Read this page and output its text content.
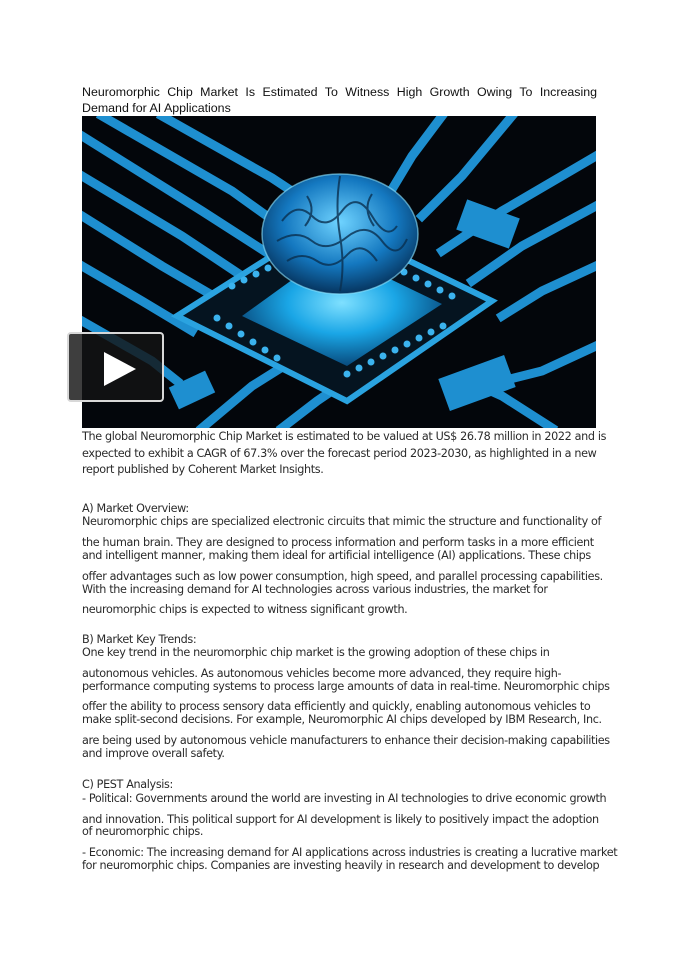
Neuromorphic Chip Market Is Estimated To Witness High Growth Owing To Increasing Demand for AI Applications
The global Neuromorphic Chip Market is estimated to be valued at US$ 26.78 million in 2022 and is
expected to exhibit a CAGR of 67.3% over the forecast period 2023-2030, as highlighted in a new
report published by Coherent Market Insights.
A) Market Overview:
Neuromorphic chips are specialized electronic circuits that mimic the structure and functionality of
the human brain. They are designed to process information and perform tasks in a more efficient
and intelligent manner, making them ideal for artificial intelligence (AI) applications. These chips
offer advantages such as low power consumption, high speed, and parallel processing capabilities.
With the increasing demand for AI technologies across various industries, the market for
neuromorphic chips is expected to witness significant growth.
B) Market Key Trends:
One key trend in the neuromorphic chip market is the growing adoption of these chips in
autonomous vehicles. As autonomous vehicles become more advanced, they require high-
performance computing systems to process large amounts of data in real-time. Neuromorphic chips
offer the ability to process sensory data efficiently and quickly, enabling autonomous vehicles to
make split-second decisions. For example, Neuromorphic AI chips developed by IBM Research, Inc.
are being used by autonomous vehicle manufacturers to enhance their decision-making capabilities
and improve overall safety.
C) PEST Analysis:
- Political: Governments around the world are investing in AI technologies to drive economic growth
and innovation. This political support for AI development is likely to positively impact the adoption
of neuromorphic chips.
- Economic: The increasing demand for AI applications across industries is creating a lucrative market
for neuromorphic chips. Companies are investing heavily in research and development to develop
